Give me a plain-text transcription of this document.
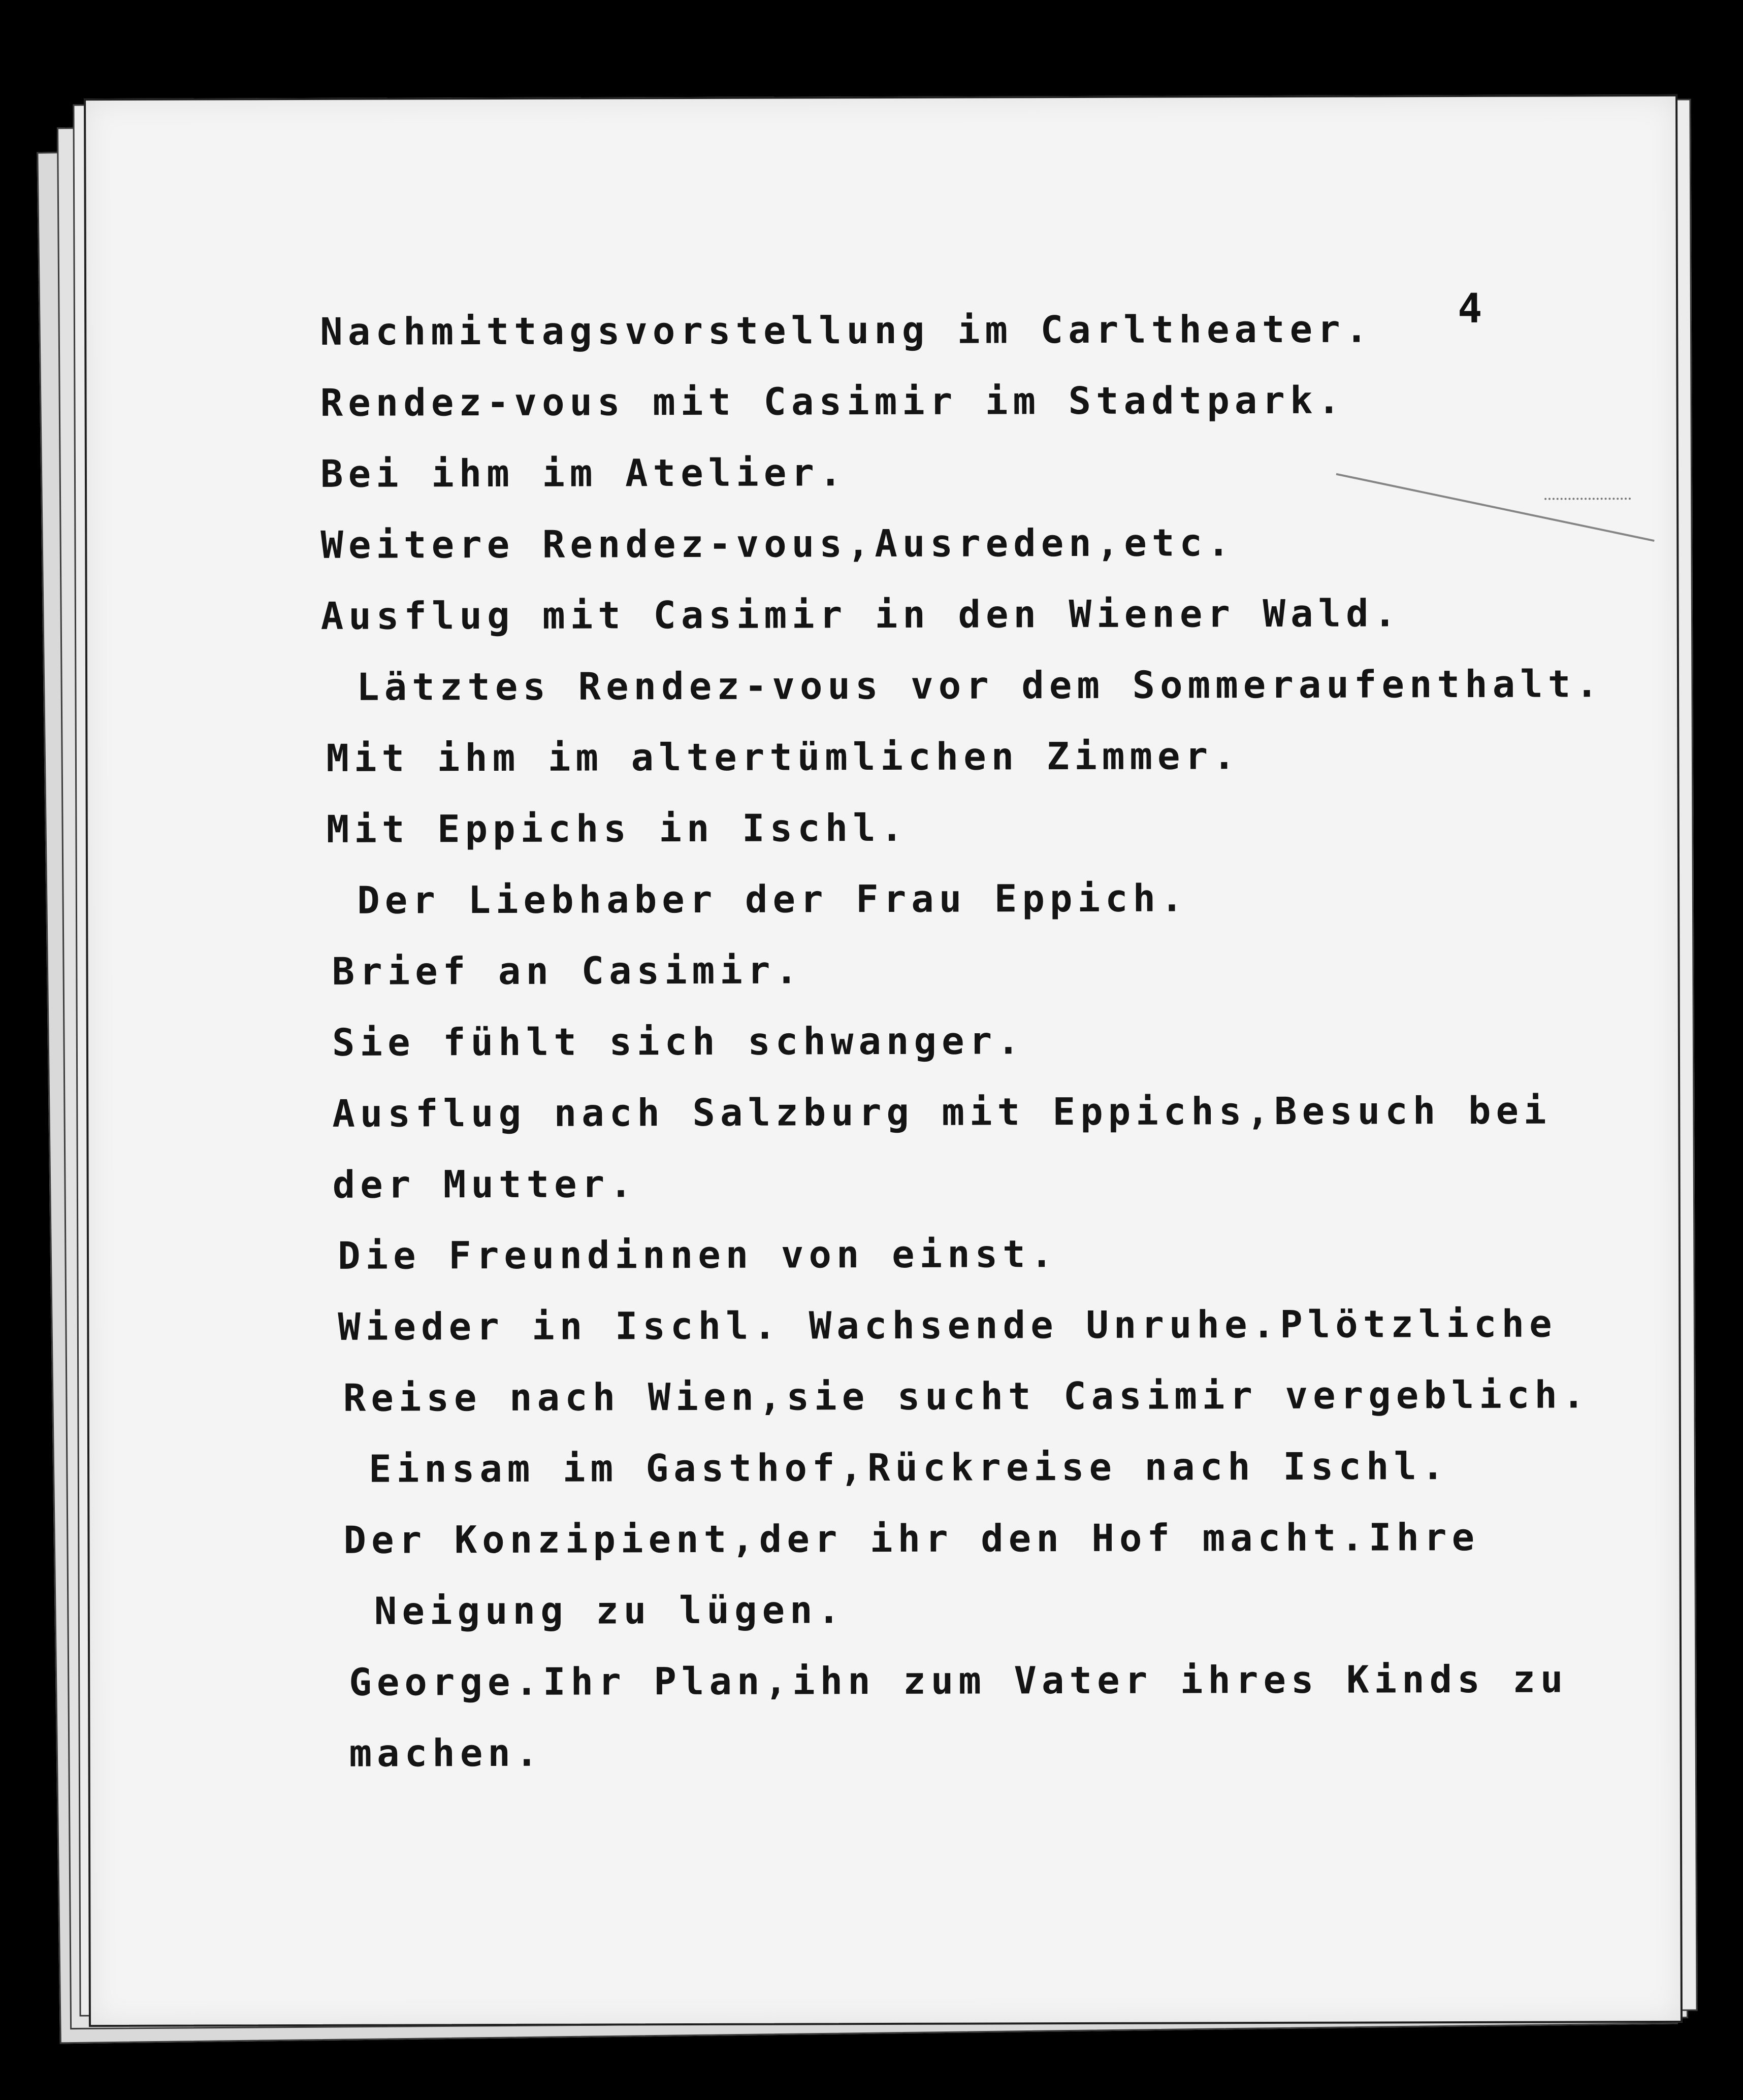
4
Nachmittagsvorstellung im Carltheater.
Rendez-vous mit Casimir im Stadtpark.
Bei ihm im Atelier.
Weitere Rendez-vous,Ausreden,etc.
Ausflug mit Casimir in den Wiener Wald.
Lätztes Rendez-vous vor dem Sommeraufenthalt.
Mit ihm im altertümlichen Zimmer.
Mit Eppichs in Ischl.
Der Liebhaber der Frau Eppich.
Brief an Casimir.
Sie fühlt sich schwanger.
Ausflug nach Salzburg mit Eppichs,Besuch bei
der Mutter.
Die Freundinnen von einst.
Wieder in Ischl. Wachsende Unruhe.Plötzliche
Reise nach Wien,sie sucht Casimir vergeblich.
Einsam im Gasthof,Rückreise nach Ischl.
Der Konzipient,der ihr den Hof macht.Ihre
Neigung zu lügen.
George.Ihr Plan,ihn zum Vater ihres Kinds zu
machen.
